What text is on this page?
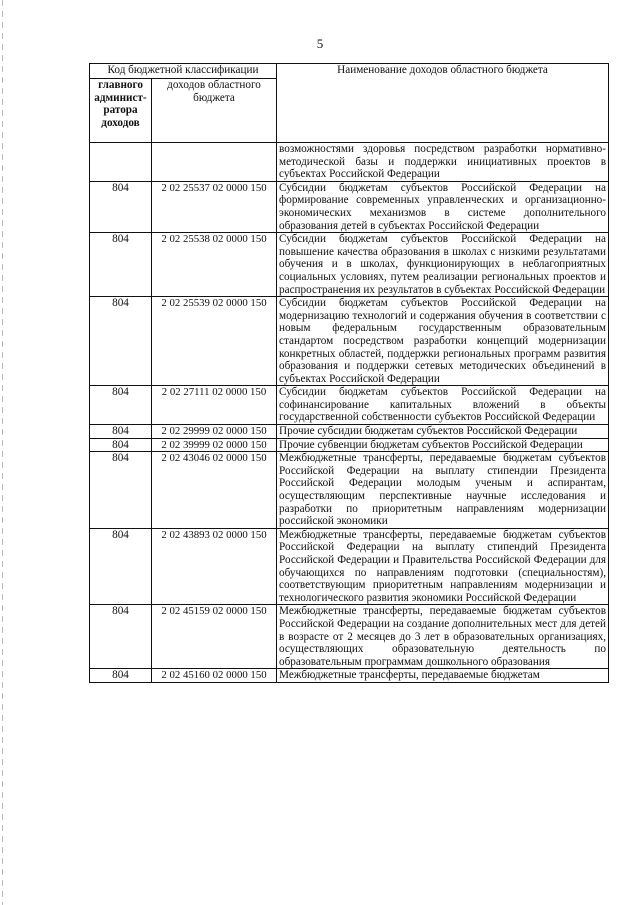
5
Код бюджетной классификации		Наименование доходов областного бюджета
главного админист-ратора доходов	доходов областного бюджета	
		возможностями здоровья посредством разработки нормативно-методической базы и поддержки инициативных проектов в субъектах Российской Федерации
804	2 02 25537 02 0000 150	Субсидии бюджетам субъектов Российской Федерации на формирование современных управленческих и организационно-экономических механизмов в системе дополнительного образования детей в субъектах Российской Федерации
804	2 02 25538 02 0000 150	Субсидии бюджетам субъектов Российской Федерации на повышение качества образования в школах с низкими результатами обучения и в школах, функционирующих в неблагоприятных социальных условиях, путем реализации региональных проектов и распространения их результатов в субъектах Российской Федерации
804	2 02 25539 02 0000 150	Субсидии бюджетам субъектов Российской Федерации на модернизацию технологий и содержания обучения в соответствии с новым федеральным государственным образовательным стандартом посредством разработки концепций модернизации конкретных областей, поддержки региональных программ развития образования и поддержки сетевых методических объединений в субъектах Российской Федерации
804	2 02 27111 02 0000 150	Субсидии бюджетам субъектов Российской Федерации на софинансирование капитальных вложений в объекты государственной собственности субъектов Российской Федерации
804	2 02 29999 02 0000 150	Прочие субсидии бюджетам субъектов Российской Федерации
804	2 02 39999 02 0000 150	Прочие субвенции бюджетам субъектов Российской Федерации
804	2 02 43046 02 0000 150	Межбюджетные трансферты, передаваемые бюджетам субъектов Российской Федерации на выплату стипендии Президента Российской Федерации молодым ученым и аспирантам, осуществляющим перспективные научные исследования и разработки по приоритетным направлениям модернизации российской экономики
804	2 02 43893 02 0000 150	Межбюджетные трансферты, передаваемые бюджетам субъектов Российской Федерации на выплату стипендий Президента Российской Федерации и Правительства Российской Федерации для обучающихся по направлениям подготовки (специальностям), соответствующим приоритетным направлениям модернизации и технологического развития экономики Российской Федерации
804	2 02 45159 02 0000 150	Межбюджетные трансферты, передаваемые бюджетам субъектов Российской Федерации на создание дополнительных мест для детей в возрасте от 2 месяцев до 3 лет в образовательных организациях, осуществляющих образовательную деятельность по образовательным программам дошкольного образования
804	2 02 45160 02 0000 150	Межбюджетные трансферты, передаваемые бюджетам
